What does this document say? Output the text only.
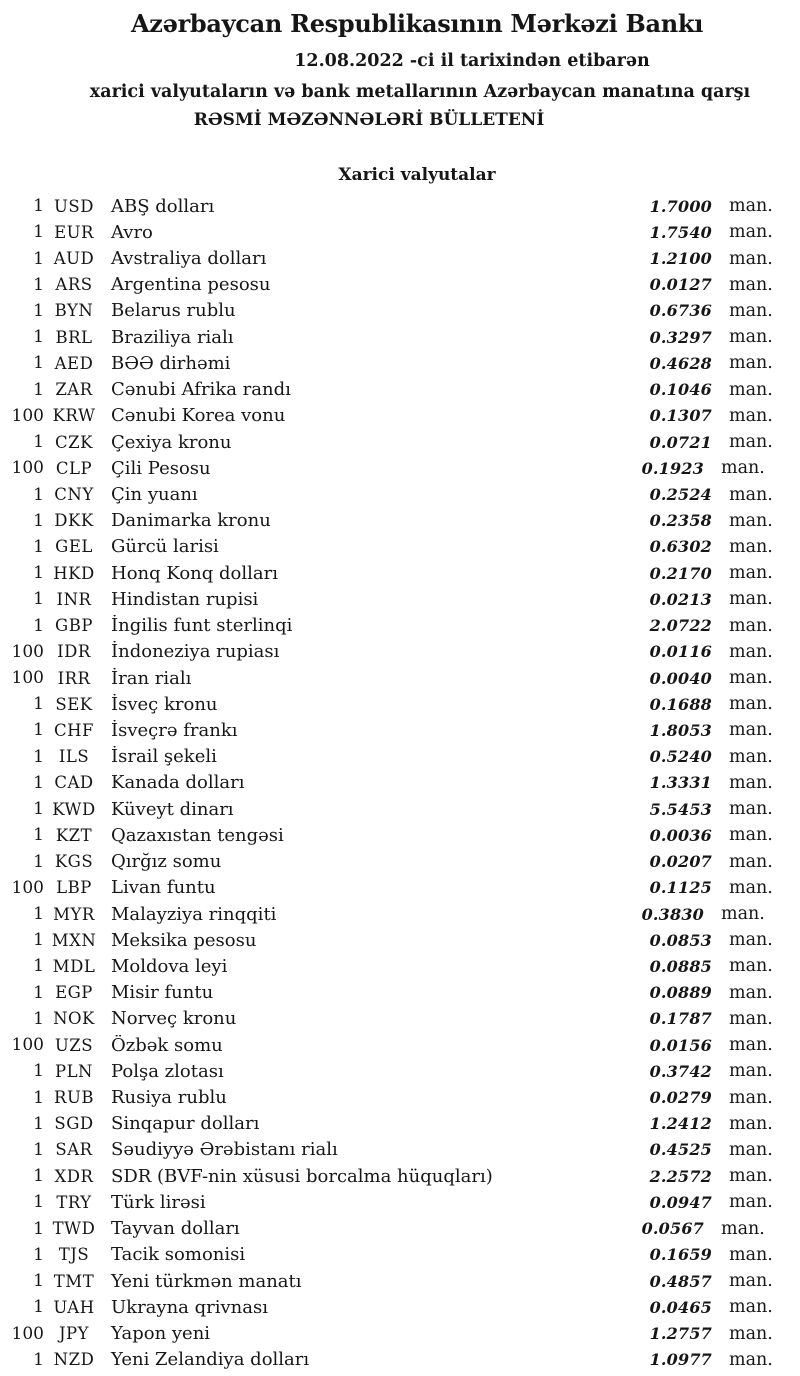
Azərbaycan Respublikasının Mərkəzi Bankı
12.08.2022 -ci il tarixindən etibarən
xarici valyutaların və bank metallarının Azərbaycan manatına qarşı
RƏSMİ MƏZƏNNƏLƏRİ BÜLLETENİ
Xarici valyutalar
1 USD ABŞ dolları	1.7000 man.
1 EUR Avro	1.7540 man.
1 AUD Avstraliya dolları	1.2100 man.
1 ARS	Argentina pesosu	0.0127 man.
1 BYN Belarus rublu	0.6736 man.
1 BRL	Braziliya rialı	0.3297 man.
1 AED BƏƏ dirhəmi	0.4628 man.
1 ZAR	Cənubi Afrika randı	0.1046 man.
100 KRW Cənubi Korea vonu	0.1307 man.
1 CZK	Çexiya kronu	0.0721 man.
100 CLP	Çili Pesosu	0.1923 man.
1 CNY Çin yuanı	0.2524 man.
1 DKK Danimarka kronu	0.2358 man.
1 GEL	Gürcü larisi	0.6302 man.
1 HKD Honq Konq dolları	0.2170 man.
1 INR	Hindistan rupisi	0.0213 man.
1 GBP	İngilis funt sterlinqi	2.0722 man.
100 IDR	İndoneziya rupiası	0.0116 man.
100 IRR	İran rialı	0.0040 man.
1 SEK	İsveç kronu	0.1688 man.
1 CHF İsveçrə frankı	1.8053 man.
1 ILS	İsrail şekeli	0.5240 man.
1 CAD Kanada dolları	1.3331 man.
1 KWD Küveyt dinarı	5.5453 man.
1 KZT	Qazaxıstan tengəsi	0.0036 man.
1 KGS Qırğız somu	0.0207 man.
100 LBP	Livan funtu	0.1125 man.
1 MYR Malayziya rinqqiti	0.3830 man.
1 MXN Meksika pesosu	0.0853 man.
1 MDL Moldova leyi	0.0885 man.
1 EGP	Misir funtu	0.0889 man.
1 NOK Norveç kronu	0.1787 man.
100 UZS Özbək somu	0.0156 man.
1 PLN	Polşa zlotası	0.3742 man.
1 RUB Rusiya rublu	0.0279 man.
1 SGD Sinqapur dolları	1.2412 man.
1 SAR	Səudiyyə Ərəbistanı rialı	0.4525 man.
1 XDR SDR (BVF-nin xüsusi borcalma hüquqları)	2.2572 man.
1 TRY	Türk lirəsi	0.0947 man.
1 TWD Tayvan dolları	0.0567 man.
1 TJS	Tacik somonisi	0.1659 man.
1 TMT Yeni türkmən manatı	0.4857 man.
1 UAH Ukrayna qrivnası	0.0465 man.
100 JPY	Yapon yeni	1.2757 man.
1 NZD Yeni Zelandiya dolları	1.0977 man.
